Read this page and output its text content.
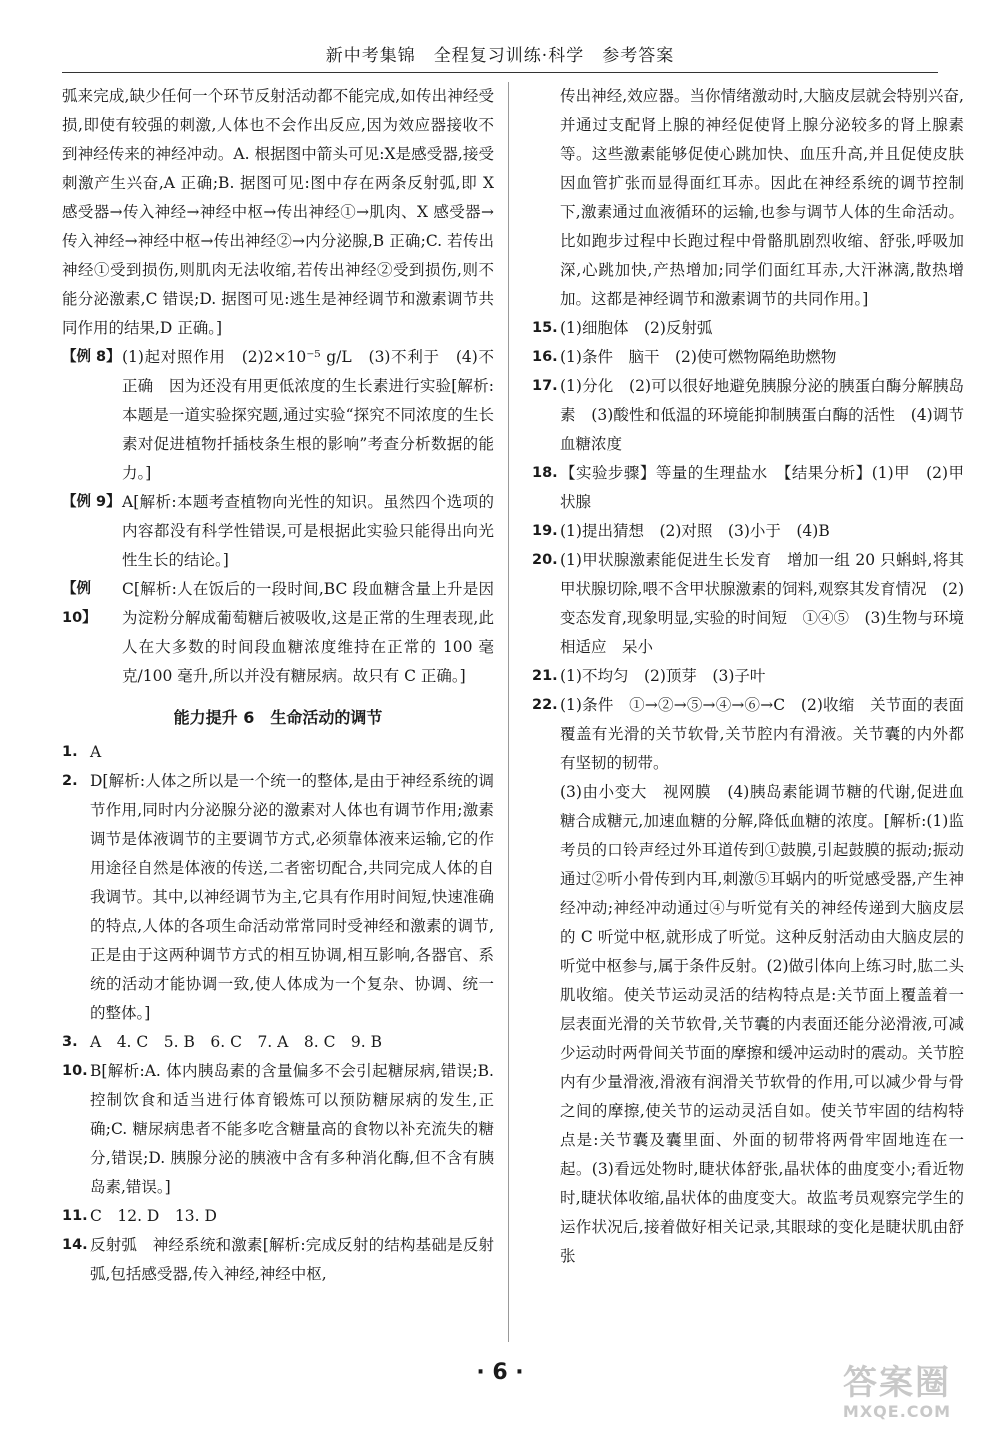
新中考集锦　全程复习训练·科学　参考答案

弧来完成,缺少任何一个环节反射活动都不能完成,如传出神经受损,即使有较强的刺激,人体也不会作出反应,因为效应器接收不到神经传来的神经冲动。A. 根据图中箭头可见:X是感受器,接受刺激产生兴奋,A 正确;B. 据图可见:图中存在两条反射弧,即 X 感受器→传入神经→神经中枢→传出神经①→肌肉、X 感受器→传入神经→神经中枢→传出神经②→内分泌腺,B 正确;C. 若传出神经①受到损伤,则肌肉无法收缩,若传出神经②受到损伤,则不能分泌激素,C 错误;D. 据图可见:逃生是神经调节和激素调节共同作用的结果,D 正确。]

【例 8】 (1)起对照作用　(2)2×10⁻⁵ g/L　(3)不利于　(4)不正确　因为还没有用更低浓度的生长素进行实验[解析:本题是一道实验探究题,通过实验“探究不同浓度的生长素对促进植物扦插枝条生根的影响”考查分析数据的能力。]
【例 9】 A[解析:本题考查植物向光性的知识。虽然四个选项的内容都没有科学性错误,可是根据此实验只能得出向光性生长的结论。]
【例 10】
C[解析:人在饭后的一段时间,BC 段血糖含量上升是因为淀粉分解成葡萄糖后被吸收,这是正常的生理表现,此人在大多数的时间段血糖浓度维持在正常的 100 毫克/100 毫升,所以并没有糖尿病。故只有 C 正确。]
能力提升 6　生命活动的调节
1. A
2. D[解析:人体之所以是一个统一的整体,是由于神经系统的调节作用,同时内分泌腺分泌的激素对人体也有调节作用;激素调节是体液调节的主要调节方式,必须靠体液来运输,它的作用途径自然是体液的传送,二者密切配合,共同完成人体的自我调节。其中,以神经调节为主,它具有作用时间短,快速准确的特点,人体的各项生命活动常常同时受神经和激素的调节,正是由于这两种调节方式的相互协调,相互影响,各器官、系统的活动才能协调一致,使人体成为一个复杂、协调、统一的整体。]
3. A　4. C　5. B　6. C　7. A　8. C　9. B
10. B[解析:A. 体内胰岛素的含量偏多不会引起糖尿病,错误;B. 控制饮食和适当进行体育锻炼可以预防糖尿病的发生,正确;C. 糖尿病患者不能多吃含糖量高的食物以补充流失的糖分,错误;D. 胰腺分泌的胰液中含有多种消化酶,但不含有胰岛素,错误。]
11. C　12. D　13. D
14. 反射弧　神经系统和激素[解析:完成反射的结构基础是反射弧,包括感受器,传入神经,神经中枢,

传出神经,效应器。当你情绪激动时,大脑皮层就会特别兴奋,并通过支配肾上腺的神经促使肾上腺分泌较多的肾上腺素等。这些激素能够促使心跳加快、血压升高,并且促使皮肤因血管扩张而显得面红耳赤。因此在神经系统的调节控制下,激素通过血液循环的运输,也参与调节人体的生命活动。比如跑步过程中长跑过程中骨骼肌剧烈收缩、舒张,呼吸加深,心跳加快,产热增加;同学们面红耳赤,大汗淋漓,散热增加。这都是神经调节和激素调节的共同作用。]

15. (1)细胞体　(2)反射弧
16. (1)条件　脑干　(2)使可燃物隔绝助燃物
17. (1)分化　(2)可以很好地避免胰腺分泌的胰蛋白酶分解胰岛素　(3)酸性和低温的环境能抑制胰蛋白酶的活性　(4)调节血糖浓度
18. 【实验步骤】等量的生理盐水　【结果分析】(1)甲　(2)甲状腺
19. (1)提出猜想　(2)对照　(3)小于　(4)B
20. (1)甲状腺激素能促进生长发育　增加一组 20 只蝌蚪,将其甲状腺切除,喂不含甲状腺激素的饲料,观察其发育情况　(2)变态发育,现象明显,实验的时间短　①④⑤　(3)生物与环境相适应　呆小
21. (1)不均匀　(2)顶芽　(3)子叶
22. (1)条件　①→②→⑤→④→⑥→C　(2)收缩　关节面的表面覆盖有光滑的关节软骨,关节腔内有滑液。关节囊的内外都有坚韧的韧带。

(3)由小变大　视网膜　(4)胰岛素能调节糖的代谢,促进血糖合成糖元,加速血糖的分解,降低血糖的浓度。[解析:(1)监考员的口铃声经过外耳道传到①鼓膜,引起鼓膜的振动;振动通过②听小骨传到内耳,刺激⑤耳蜗内的听觉感受器,产生神经冲动;神经冲动通过④与听觉有关的神经传递到大脑皮层的 C 听觉中枢,就形成了听觉。这种反射活动由大脑皮层的听觉中枢参与,属于条件反射。(2)做引体向上练习时,肱二头肌收缩。使关节运动灵活的结构特点是:关节面上覆盖着一层表面光滑的关节软骨,关节囊的内表面还能分泌滑液,可减少运动时两骨间关节面的摩擦和缓冲运动时的震动。关节腔内有少量滑液,滑液有润滑关节软骨的作用,可以减少骨与骨之间的摩擦,使关节的运动灵活自如。使关节牢固的结构特点是:关节囊及囊里面、外面的韧带将两骨牢固地连在一起。(3)看远处物时,睫状体舒张,晶状体的曲度变小;看近物时,睫状体收缩,晶状体的曲度变大。故监考员观察完学生的运作状况后,接着做好相关记录,其眼球的变化是睫状肌由舒张

· 6 ·	答案圈
MXQE.COM
